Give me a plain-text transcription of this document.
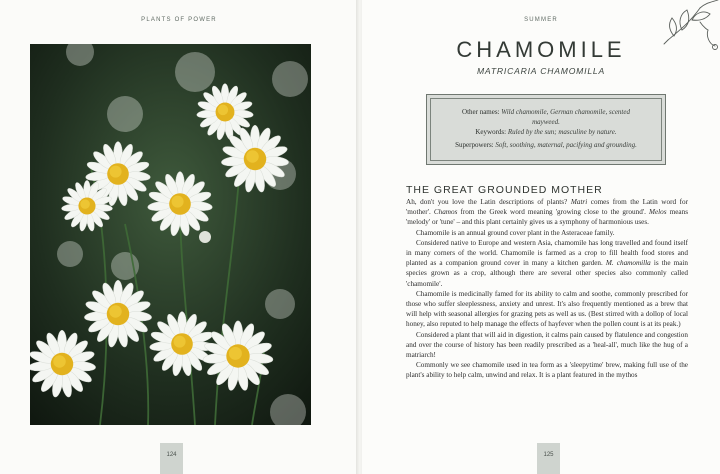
PLANTS OF POWER
124
SUMMER
CHAMOMILE
MATRICARIA CHAMOMILLA
Other names: Wild chamomile, German chamomile, scented
mayweed.
Keywords: Ruled by the sun; masculine by nature.
Superpowers: Soft, soothing, maternal, pacifying and grounding.
THE GREAT GROUNDED MOTHER

Ah, don't you love the Latin descriptions of plants? Matri comes from the Latin word for 'mother'. Chamos from the Greek word meaning 'growing close to the ground'. Melos means 'melody' or 'tune' – and this plant certainly gives us a symphony of harmonious uses.

Chamomile is an annual ground cover plant in the Asteraceae family.

Considered native to Europe and western Asia, chamomile has long travelled and found itself in many corners of the world. Chamomile is farmed as a crop to fill health food stores and planted as a companion ground cover in many a kitchen garden. M. chamomilla is the main species grown as a crop, although there are several other species also commonly called 'chamomile'.

Chamomile is medicinally famed for its ability to calm and soothe, commonly prescribed for those who suffer sleeplessness, anxiety and unrest. It's also frequently mentioned as a brew that will help with seasonal allergies for grazing pets as well as us. (Best stirred with a dollop of local honey, also reputed to help manage the effects of hayfever when the pollen count is at its peak.)

Considered a plant that will aid in digestion, it calms pain caused by flatulence and congestion and over the course of history has been readily prescribed as a 'heal-all', much like the hug of a matriarch!

Commonly we see chamomile used in tea form as a 'sleepytime' brew, making full use of the plant's ability to help calm, unwind and relax. It is a plant featured in the mythos

125
